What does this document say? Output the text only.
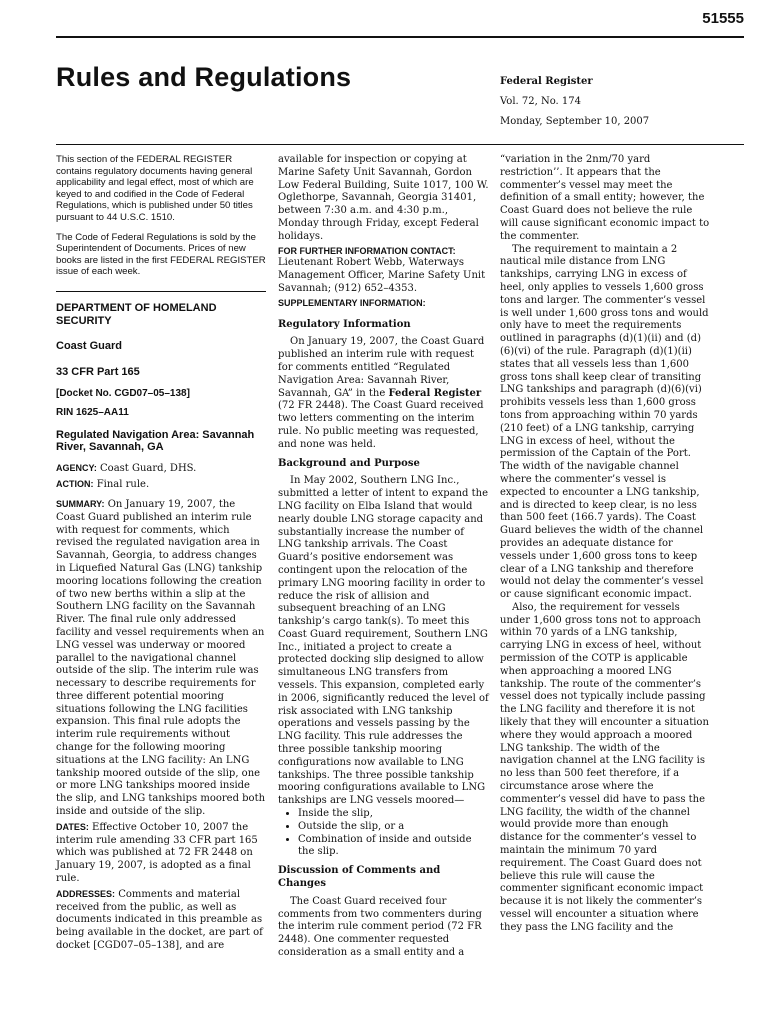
51555
Rules and Regulations	Federal Register
Vol. 72, No. 174
Monday, September 10, 2007

This section of the FEDERAL REGISTER contains regulatory documents having general applicability and legal effect, most of which are keyed to and codified in the Code of Federal Regulations, which is published under 50 titles pursuant to 44 U.S.C. 1510.

The Code of Federal Regulations is sold by the Superintendent of Documents. Prices of new books are listed in the first FEDERAL REGISTER issue of each week.

DEPARTMENT OF HOMELAND SECURITY

Coast Guard

33 CFR Part 165

[Docket No. CGD07–05–138]

RIN 1625–AA11

Regulated Navigation Area: Savannah River, Savannah, GA

AGENCY: Coast Guard, DHS.

ACTION: Final rule.

SUMMARY: On January 19, 2007, the Coast Guard published an interim rule with request for comments, which revised the regulated navigation area in Savannah, Georgia, to address changes in Liquefied Natural Gas (LNG) tankship mooring locations following the creation of two new berths within a slip at the Southern LNG facility on the Savannah River. The final rule only addressed facility and vessel requirements when an LNG vessel was underway or moored parallel to the navigational channel outside of the slip. The interim rule was necessary to describe requirements for three different potential mooring situations following the LNG facilities expansion. This final rule adopts the interim rule requirements without change for the following mooring situations at the LNG facility: An LNG tankship moored outside of the slip, one or more LNG tankships moored inside the slip, and LNG tankships moored both inside and outside of the slip.

DATES: Effective October 10, 2007 the interim rule amending 33 CFR part 165 which was published at 72 FR 2448 on January 19, 2007, is adopted as a final rule.

ADDRESSES: Comments and material received from the public, as well as documents indicated in this preamble as being available in the docket, are part of docket [CGD07–05–138], and are

available for inspection or copying at Marine Safety Unit Savannah, Gordon Low Federal Building, Suite 1017, 100 W. Oglethorpe, Savannah, Georgia 31401, between 7:30 a.m. and 4:30 p.m., Monday through Friday, except Federal holidays.

FOR FURTHER INFORMATION CONTACT:

Lieutenant Robert Webb, Waterways Management Officer, Marine Safety Unit Savannah; (912) 652–4353.

SUPPLEMENTARY INFORMATION:

Regulatory Information

On January 19, 2007, the Coast Guard published an interim rule with request for comments entitled “Regulated Navigation Area: Savannah River, Savannah, GA” in the Federal Register (72 FR 2448). The Coast Guard received two letters commenting on the interim rule. No public meeting was requested, and none was held.

Background and Purpose

In May 2002, Southern LNG Inc., submitted a letter of intent to expand the LNG facility on Elba Island that would nearly double LNG storage capacity and substantially increase the number of LNG tankship arrivals. The Coast Guard’s positive endorsement was contingent upon the relocation of the primary LNG mooring facility in order to reduce the risk of allision and subsequent breaching of an LNG tankship’s cargo tank(s). To meet this Coast Guard requirement, Southern LNG Inc., initiated a project to create a protected docking slip designed to allow simultaneous LNG transfers from vessels. This expansion, completed early in 2006, significantly reduced the level of risk associated with LNG tankship operations and vessels passing by the LNG facility. This rule addresses the three possible tankship mooring configurations now available to LNG tankships. The three possible tankship mooring configurations available to LNG tankships are LNG vessels moored—

• Inside the slip,
• Outside the slip, or a
• Combination of inside and outside the slip.

Discussion of Comments and Changes

The Coast Guard received four comments from two commenters during the interim rule comment period (72 FR 2448). One commenter requested consideration as a small entity and a

“variation in the 2nm/70 yard restriction’’. It appears that the commenter’s vessel may meet the definition of a small entity; however, the Coast Guard does not believe the rule will cause significant economic impact to the commenter.

The requirement to maintain a 2 nautical mile distance from LNG tankships, carrying LNG in excess of heel, only applies to vessels 1,600 gross tons and larger. The commenter’s vessel is well under 1,600 gross tons and would only have to meet the requirements outlined in paragraphs (d)(1)(ii) and (d)(6)(vi) of the rule. Paragraph (d)(1)(ii) states that all vessels less than 1,600 gross tons shall keep clear of transiting LNG tankships and paragraph (d)(6)(vi) prohibits vessels less than 1,600 gross tons from approaching within 70 yards (210 feet) of a LNG tankship, carrying LNG in excess of heel, without the permission of the Captain of the Port. The width of the navigable channel where the commenter’s vessel is expected to encounter a LNG tankship, and is directed to keep clear, is no less than 500 feet (166.7 yards). The Coast Guard believes the width of the channel provides an adequate distance for vessels under 1,600 gross tons to keep clear of a LNG tankship and therefore would not delay the commenter’s vessel or cause significant economic impact.

Also, the requirement for vessels under 1,600 gross tons not to approach within 70 yards of a LNG tankship, carrying LNG in excess of heel, without permission of the COTP is applicable when approaching a moored LNG tankship. The route of the commenter’s vessel does not typically include passing the LNG facility and therefore it is not likely that they will encounter a situation where they would approach a moored LNG tankship. The width of the navigation channel at the LNG facility is no less than 500 feet therefore, if a circumstance arose where the commenter’s vessel did have to pass the LNG facility, the width of the channel would provide more than enough distance for the commenter’s vessel to maintain the minimum 70 yard requirement. The Coast Guard does not believe this rule will cause the commenter significant economic impact because it is not likely the commenter’s vessel will encounter a situation where they pass the LNG facility and the
